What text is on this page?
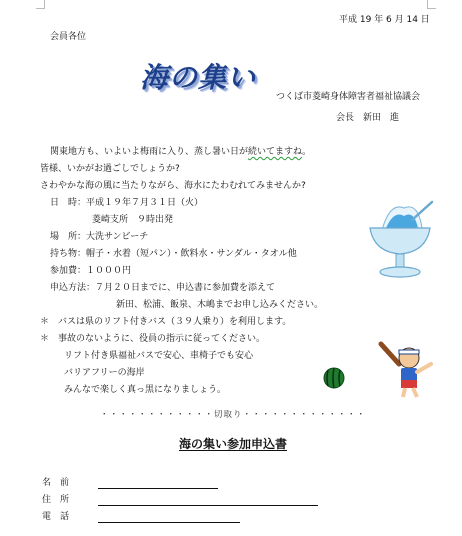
平成 19 年 6 月 14 日
会員各位
海の集い
つくば市菱崎身体障害者福祉協議会
会長　新田　進
関東地方も、いよいよ梅雨に入り、蒸し暑い日が続いてますね。
皆様、いかがお過ごしでしょうか?
さわやかな海の風に当たりながら、海水にたわむれてみませんか?
日　時：平成１９年７月３１日（火）
菱崎支所　９時出発
場　所：大洗サンビーチ
持ち物：帽子・水着（短パン）・飲料水・サンダル・タオル他
参加費：１０００円
申込方法：７月２０日までに、申込書に参加費を添えて
新田、松浦、飯泉、木嶋までお申し込みください。
＊　バスは県のリフト付きバス（３９人乗り）を利用します。
＊　事故のないように、役員の指示に従ってください。
リフト付き県福祉バスで安心、車椅子でも安心
バリアフリーの海岸
みんなで楽しく真っ黒になりましょう。
・・・・・・・・・・・・切取り・・・・・・・・・・・・・
海の集い参加申込書
名　前
住　所
電　話
